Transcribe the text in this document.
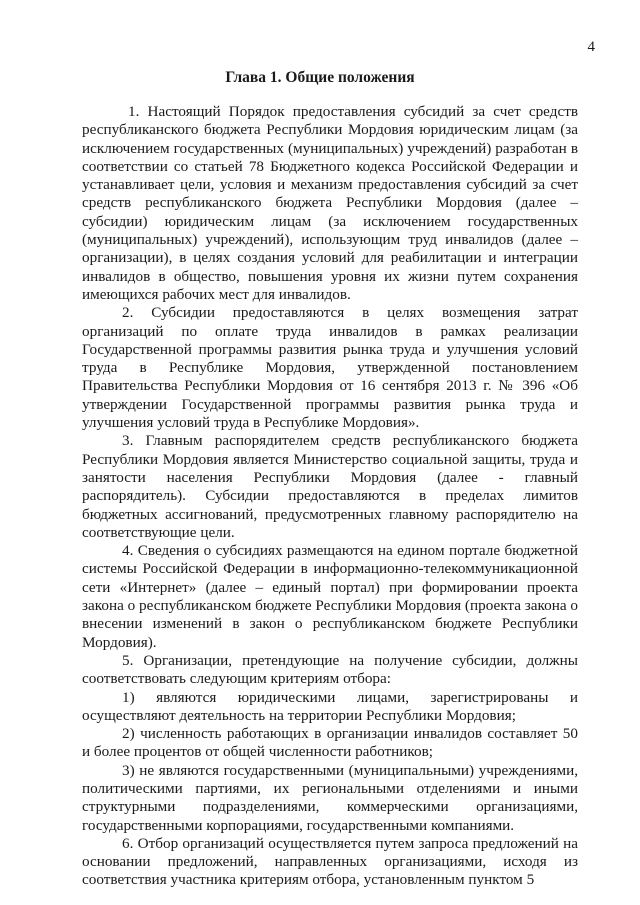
4
Глава 1. Общие положения

1. Настоящий Порядок предоставления субсидий за счет средств республиканского бюджета Республики Мордовия юридическим лицам (за исключением государственных (муниципальных) учреждений) разработан в соответствии со статьей 78 Бюджетного кодекса Российской Федерации и устанавливает цели, условия и механизм предоставления субсидий за счет средств республиканского бюджета Республики Мордовия (далее – субсидии) юридическим лицам (за исключением государственных (муниципальных) учреждений), использующим труд инвалидов (далее – организации), в целях создания условий для реабилитации и интеграции инвалидов в общество, повышения уровня их жизни путем сохранения имеющихся рабочих мест для инвалидов.

2. Субсидии предоставляются в целях возмещения затрат организаций по оплате труда инвалидов в рамках реализации Государственной программы развития рынка труда и улучшения условий труда в Республике Мордовия, утвержденной постановлением Правительства Республики Мордовия от 16 сентября 2013 г. № 396 «Об утверждении Государственной программы развития рынка труда и улучшения условий труда в Республике Мордовия».

3. Главным распорядителем средств республиканского бюджета Республики Мордовия является Министерство социальной защиты, труда и занятости населения Республики Мордовия (далее - главный распорядитель). Субсидии предоставляются в пределах лимитов бюджетных ассигнований, предусмотренных главному распорядителю на соответствующие цели.

4. Сведения о субсидиях размещаются на едином портале бюджетной системы Российской Федерации в информационно-телекоммуникационной сети «Интернет» (далее – единый портал) при формировании проекта закона о республиканском бюджете Республики Мордовия (проекта закона о внесении изменений в закон о республиканском бюджете Республики Мордовия).

5. Организации, претендующие на получение субсидии, должны соответствовать следующим критериям отбора:

1) являются юридическими лицами, зарегистрированы и осуществляют деятельность на территории Республики Мордовия;

2) численность работающих в организации инвалидов составляет 50 и более процентов от общей численности работников;

3) не являются государственными (муниципальными) учреждениями, политическими партиями, их региональными отделениями и иными структурными подразделениями, коммерческими организациями, государственными корпорациями, государственными компаниями.

6. Отбор организаций осуществляется путем запроса предложений на основании предложений, направленных организациями, исходя из соответствия участника критериям отбора, установленным пунктом 5
